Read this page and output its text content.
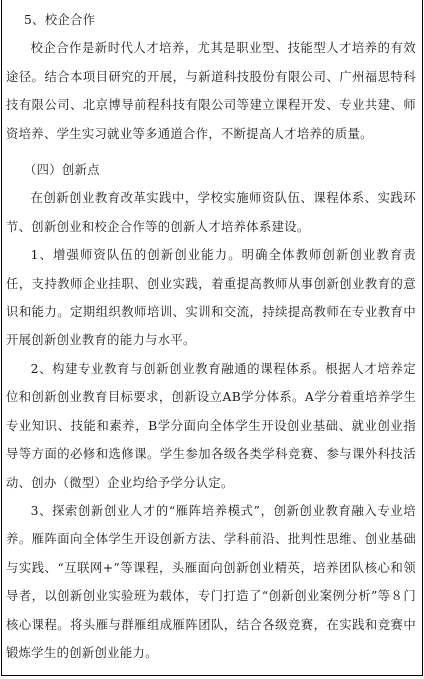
5、校企合作

校企合作是新时代人才培养，尤其是职业型、技能型人才培养的有效途径。结合本项目研究的开展，与新道科技股份有限公司、广州福思特科技有限公司、北京博导前程科技有限公司等建立课程开发、专业共建、师资培养、学生实习就业等多通道合作，不断提高人才培养的质量。

（四）创新点

在创新创业教育改革实践中，学校实施师资队伍、课程体系、实践环节、创新创业和校企合作等的创新人才培养体系建设。

1、增强师资队伍的创新创业能力。明确全体教师创新创业教育责任，支持教师企业挂职、创业实践，着重提高教师从事创新创业教育的意识和能力。定期组织教师培训、实训和交流，持续提高教师在专业教育中开展创新创业教育的能力与水平。

2、构建专业教育与创新创业教育融通的课程体系。根据人才培养定位和创新创业教育目标要求，创新设立AB学分体系。A学分着重培养学生专业知识、技能和素养，B学分面向全体学生开设创业基础、就业创业指导等方面的必修和选修课。学生参加各级各类学科竞赛、参与课外科技活动、创办（微型）企业均给予学分认定。

3、探索创新创业人才的“雁阵培养模式”，创新创业教育融入专业培养。雁阵面向全体学生开设创新方法、学科前沿、批判性思维、创业基础与实践、“互联网+”等课程，头雁面向创新创业精英，培养团队核心和领导者，以创新创业实验班为载体，专门打造了“创新创业案例分析”等８门核心课程。将头雁与群雁组成雁阵团队，结合各级竞赛，在实践和竞赛中锻炼学生的创新创业能力。
